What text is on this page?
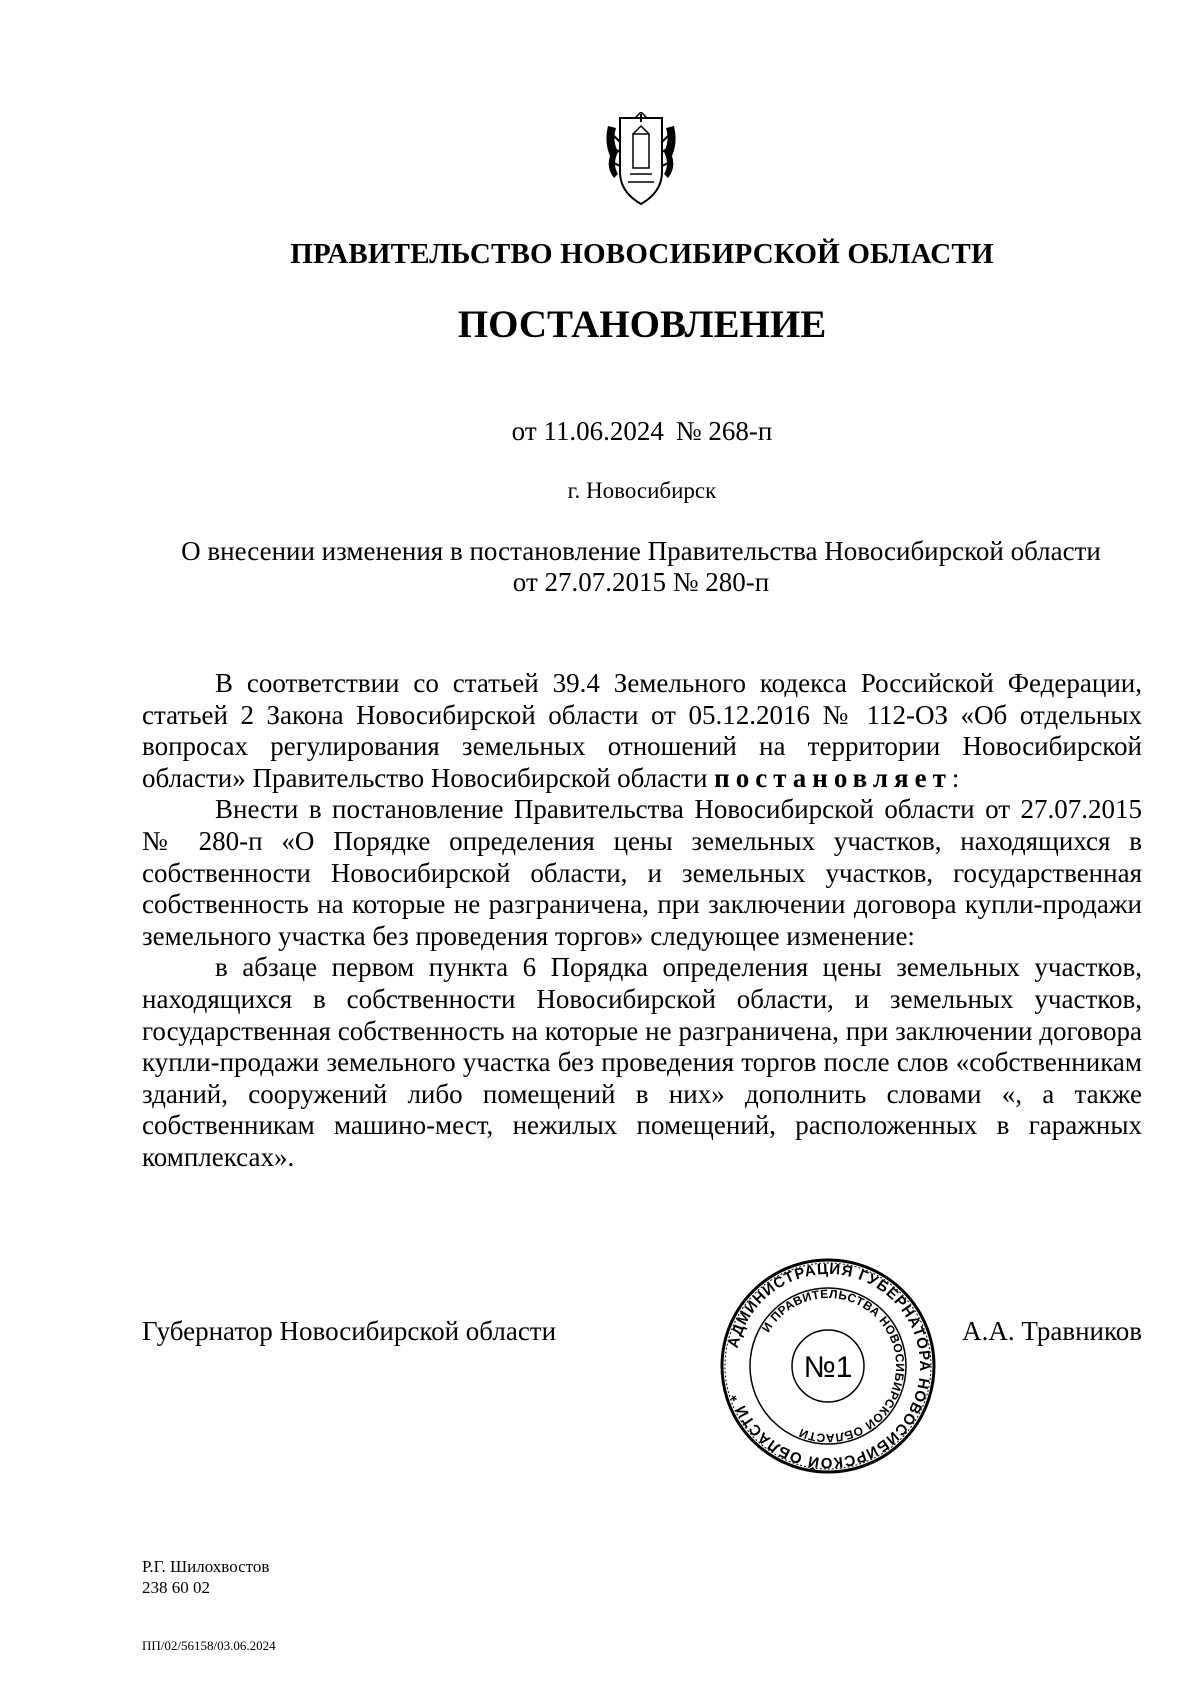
ПРАВИТЕЛЬСТВО НОВОСИБИРСКОЙ ОБЛАСТИ
ПОСТАНОВЛЕНИЕ
от 11.06.2024 № 268-п
г. Новосибирск
О внесении изменения в постановление Правительства Новосибирской области
от 27.07.2015 № 280-п

В соответствии со статьей 39.4 Земельного кодекса Российской Федерации, статьей 2 Закона Новосибирской области от 05.12.2016 № 112-ОЗ «Об отдельных вопросах регулирования земельных отношений на территории Новосибирской области» Правительство Новосибирской области постановляет:

Внести в постановление Правительства Новосибирской области от 27.07.2015 № 280-п «О Порядке определения цены земельных участков, находящихся в собственности Новосибирской области, и земельных участков, государственная собственность на которые не разграничена, при заключении договора купли-продажи земельного участка без проведения торгов» следующее изменение:

в абзаце первом пункта 6 Порядка определения цены земельных участков, находящихся в собственности Новосибирской области, и земельных участков, государственная собственность на которые не разграничена, при заключении договора купли-продажи земельного участка без проведения торгов после слов «собственникам зданий, сооружений либо помещений в них» дополнить словами «, а также собственникам машино-мест, нежилых помещений, расположенных в гаражных комплексах».

Губернатор Новосибирской области	АДМИНИСТРАЦИЯ ГУБЕРНАТОРА НОВОСИБИРСКОЙ ОБЛАСТИ *
И ПРАВИТЕЛЬСТВА НОВОСИБИРСКОЙ ОБЛАСТИ
№1
А.А. Травников
Р.Г. Шилохвостов
238 60 02
ПП/02/56158/03.06.2024
